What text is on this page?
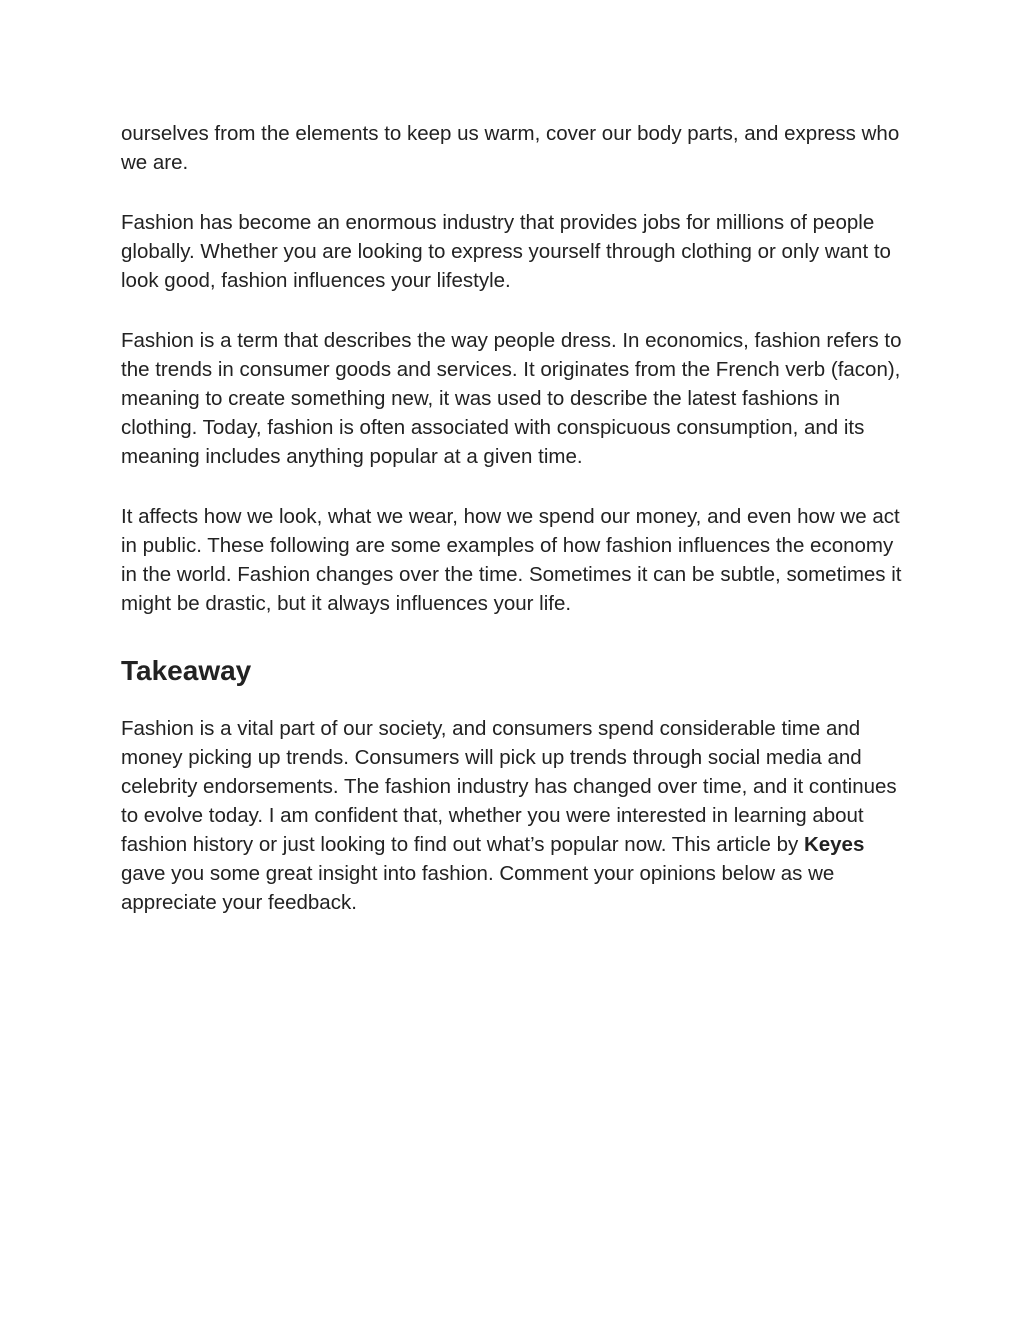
ourselves from the elements to keep us warm, cover our body parts, and express who we are.

Fashion has become an enormous industry that provides jobs for millions of people globally. Whether you are looking to express yourself through clothing or only want to look good, fashion influences your lifestyle.

Fashion is a term that describes the way people dress. In economics, fashion refers to the trends in consumer goods and services. It originates from the French verb (facon), meaning to create something new, it was used to describe the latest fashions in clothing. Today, fashion is often associated with conspicuous consumption, and its meaning includes anything popular at a given time.

It affects how we look, what we wear, how we spend our money, and even how we act in public. These following are some examples of how fashion influences the economy in the world. Fashion changes over the time. Sometimes it can be subtle, sometimes it might be drastic, but it always influences your life.

Takeaway

Fashion is a vital part of our society, and consumers spend considerable time and money picking up trends. Consumers will pick up trends through social media and celebrity endorsements. The fashion industry has changed over time, and it continues to evolve today. I am confident that, whether you were interested in learning about fashion history or just looking to find out what’s popular now. This article by Keyes gave you some great insight into fashion. Comment your opinions below as we appreciate your feedback.
